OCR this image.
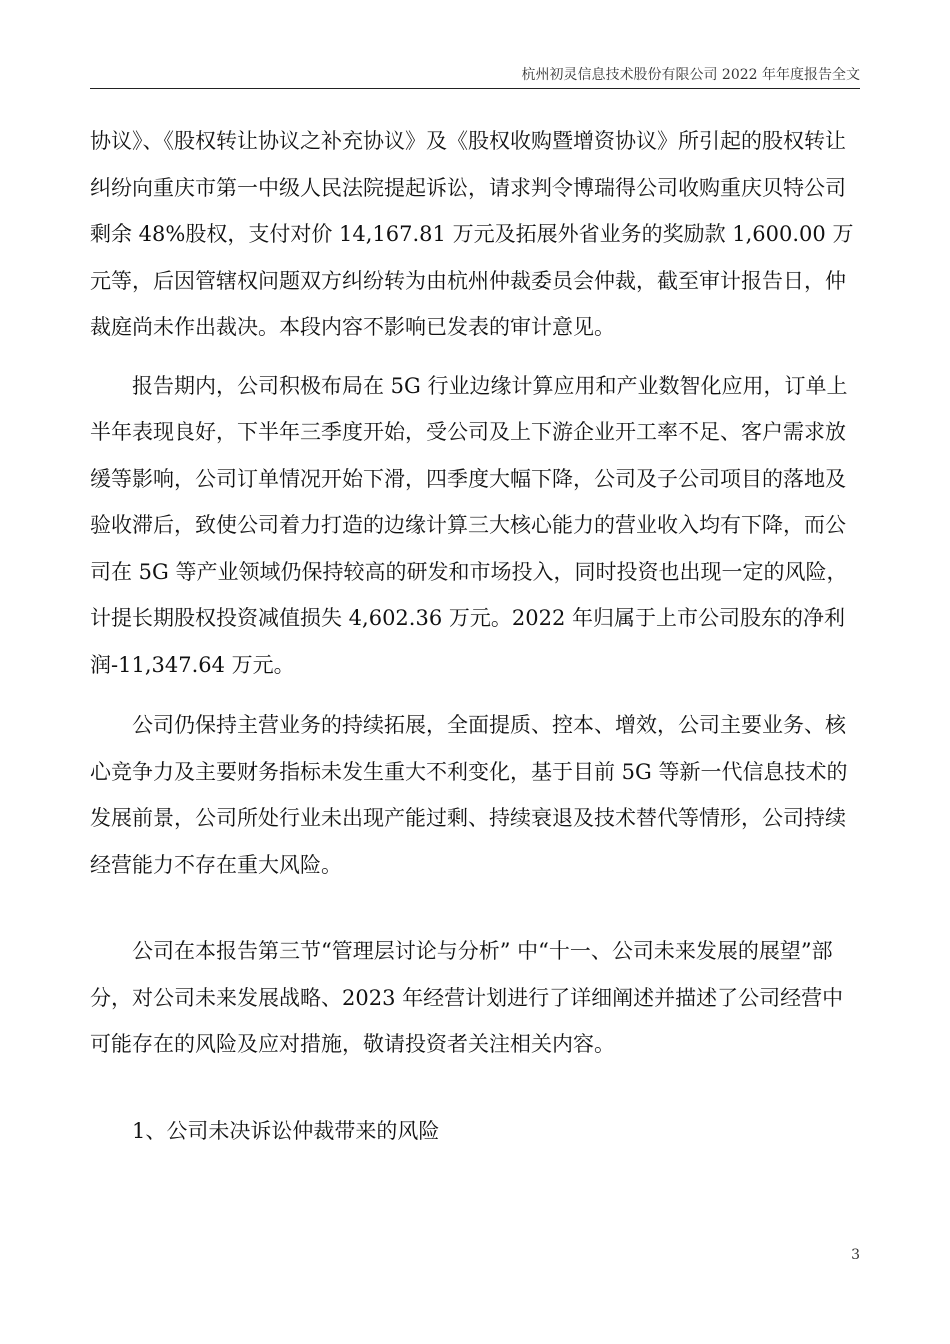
杭州初灵信息技术股份有限公司 2022 年年度报告全文

协议》、《股权转让协议之补充协议》及《股权收购暨增资协议》所引起的股权转让纠纷向重庆市第一中级人民法院提起诉讼，请求判令博瑞得公司收购重庆贝特公司剩余 48%股权，支付对价 14,167.81 万元及拓展外省业务的奖励款 1,600.00 万元等，后因管辖权问题双方纠纷转为由杭州仲裁委员会仲裁，截至审计报告日，仲裁庭尚未作出裁决。本段内容不影响已发表的审计意见。

报告期内，公司积极布局在 5G 行业边缘计算应用和产业数智化应用，订单上半年表现良好，下半年三季度开始，受公司及上下游企业开工率不足、客户需求放缓等影响，公司订单情况开始下滑，四季度大幅下降，公司及子公司项目的落地及验收滞后，致使公司着力打造的边缘计算三大核心能力的营业收入均有下降，而公司在 5G 等产业领域仍保持较高的研发和市场投入，同时投资也出现一定的风险，计提长期股权投资减值损失 4,602.36 万元。2022 年归属于上市公司股东的净利润-11,347.64 万元。

公司仍保持主营业务的持续拓展，全面提质、控本、增效，公司主要业务、核心竞争力及主要财务指标未发生重大不利变化，基于目前 5G 等新一代信息技术的发展前景，公司所处行业未出现产能过剩、持续衰退及技术替代等情形，公司持续经营能力不存在重大风险。

公司在本报告第三节“管理层讨论与分析” 中“十一、公司未来发展的展望”部分，对公司未来发展战略、2023 年经营计划进行了详细阐述并描述了公司经营中可能存在的风险及应对措施，敬请投资者关注相关内容。

1、公司未决诉讼仲裁带来的风险

3
